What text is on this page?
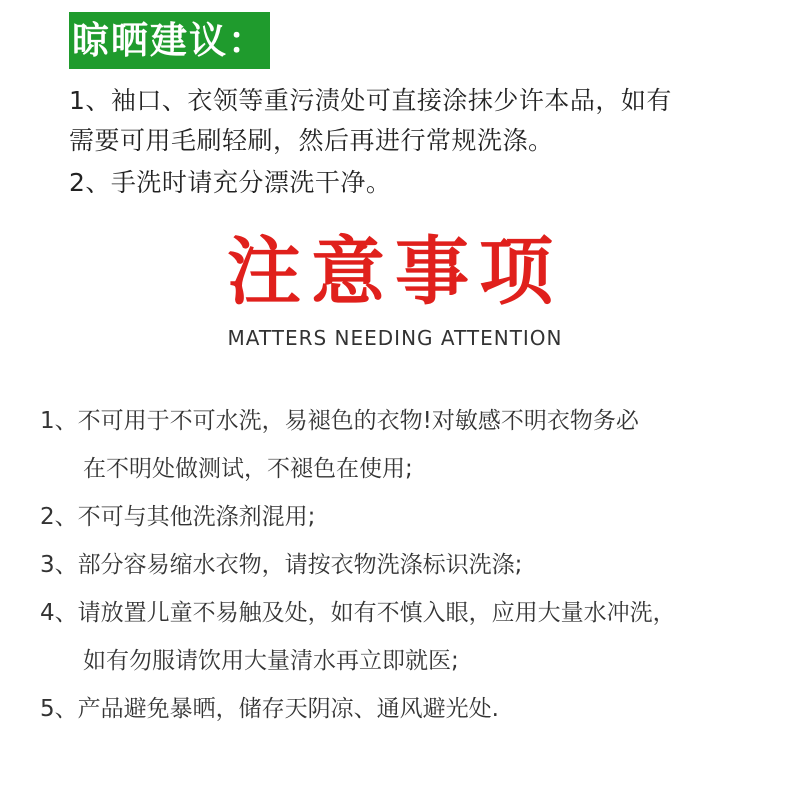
晾晒建议：
1、袖口、衣领等重污渍处可直接涂抹少许本品，如有
需要可用毛刷轻刷，然后再进行常规洗涤。
2、手洗时请充分漂洗干净。
注意事项
MATTERS NEEDING ATTENTION
1、不可用于不可水洗，易褪色的衣物!对敏感不明衣物务必
在不明处做测试，不褪色在使用;
2、不可与其他洗涤剂混用;
3、部分容易缩水衣物，请按衣物洗涤标识洗涤;
4、请放置儿童不易触及处，如有不慎入眼，应用大量水冲洗，
如有勿服请饮用大量清水再立即就医;
5、产品避免暴晒，储存天阴凉、通风避光处.
